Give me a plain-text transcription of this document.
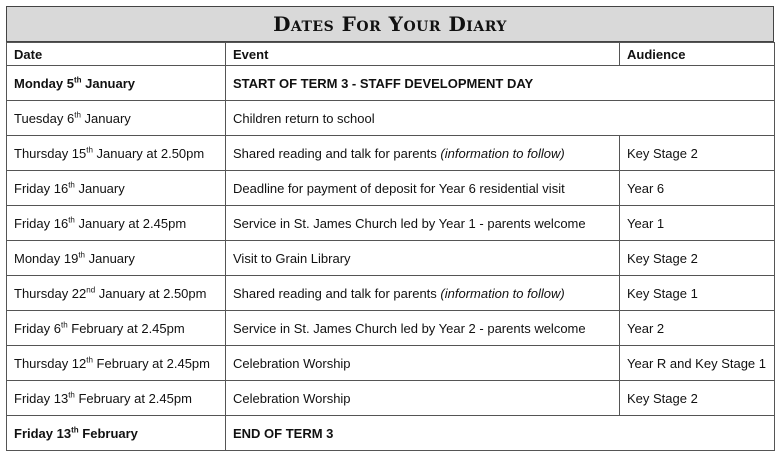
Dates For Your Diary
Date	Event	Audience
Monday 5th January	START OF TERM 3 - STAFF DEVELOPMENT DAY	
Tuesday 6th January	Children return to school	
Thursday 15th January at 2.50pm	Shared reading and talk for parents (information to follow)	Key Stage 2
Friday 16th January	Deadline for payment of deposit for Year 6 residential visit	Year 6
Friday 16th January at 2.45pm	Service in St. James Church led by Year 1 - parents welcome	Year 1
Monday 19th January	Visit to Grain Library	Key Stage 2
Thursday 22nd January at 2.50pm	Shared reading and talk for parents (information to follow)	Key Stage 1
Friday 6th February at 2.45pm	Service in St. James Church led by Year 2 - parents welcome	Year 2
Thursday 12th February at 2.45pm	Celebration Worship	Year R and Key Stage 1
Friday 13th February at 2.45pm	Celebration Worship	Key Stage 2
Friday 13th February	END OF TERM 3	
